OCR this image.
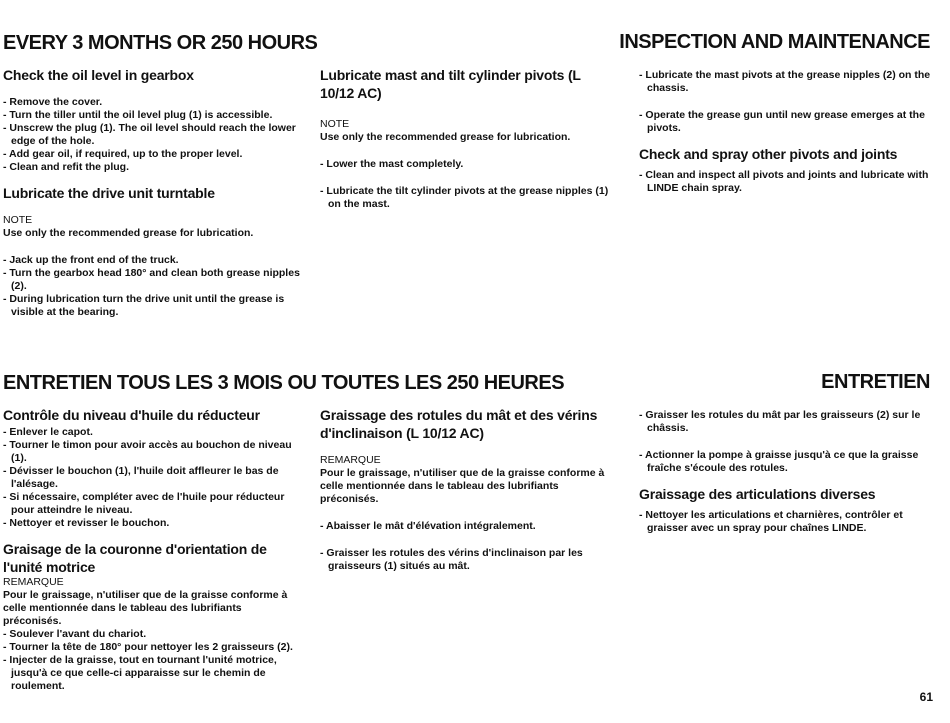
EVERY 3 MONTHS OR 250 HOURS	INSPECTION AND MAINTENANCE
Check the oil level in gearbox
- Remove the cover.
- Turn the tiller until the oil level plug (1) is accessible.
- Unscrew the plug (1). The oil level should reach the lower edge of the hole.
- Add gear oil, if required, up to the proper level.
- Clean and refit the plug.
Lubricate the drive unit turntable

NOTE

Use only the recommended grease for lubrication.

- Jack up the front end of the truck.
- Turn the gearbox head 180° and clean both grease nipples (2).
- During lubrication turn the drive unit until the grease is visible at the bearing.
Lubricate mast and tilt cylinder pivots (L 10/12 AC)

NOTE

Use only the recommended grease for lubrication.

- Lower the mast completely.
- Lubricate the tilt cylinder pivots at the grease nipples (1) on the mast.
- Lubricate the mast pivots at the grease nipples (2) on the chassis.
- Operate the grease gun until new grease emerges at the pivots.
Check and spray other pivots and joints
- Clean and inspect all pivots and joints and lubricate with LINDE chain spray.
ENTRETIEN TOUS LES 3 MOIS OU TOUTES LES 250 HEURES	ENTRETIEN
Contrôle du niveau d'huile du réducteur
- Enlever le capot.
- Tourner le timon pour avoir accès au bouchon de niveau (1).
- Dévisser le bouchon (1), l'huile doit affleurer le bas de l'alésage.
- Si nécessaire, compléter avec de l'huile pour réducteur pour atteindre le niveau.
- Nettoyer et revisser le bouchon.
Graisage de la couronne d'orientation de l'unité motrice

REMARQUE

Pour le graissage, n'utiliser que de la graisse conforme à celle mentionnée dans le tableau des lubrifiants préconisés.

- Soulever l'avant du chariot.
- Tourner la tête de 180° pour nettoyer les 2 graisseurs (2).
- Injecter de la graisse, tout en tournant l'unité motrice, jusqu'à ce que celle-ci apparaisse sur le chemin de roulement.
Graissage des rotules du mât et des vérins d'inclinaison (L 10/12 AC)

REMARQUE

Pour le graissage, n'utiliser que de la graisse conforme à celle mentionnée dans le tableau des lubrifiants préconisés.

- Abaisser le mât d'élévation intégralement.
- Graisser les rotules des vérins d'inclinaison par les graisseurs (1) situés au mât.
- Graisser les rotules du mât par les graisseurs (2) sur le châssis.
- Actionner la pompe à graisse jusqu'à ce que la graisse fraîche s'écoule des rotules.
Graissage des articulations diverses
- Nettoyer les articulations et charnières, contrôler et graisser avec un spray pour chaînes LINDE.
61
